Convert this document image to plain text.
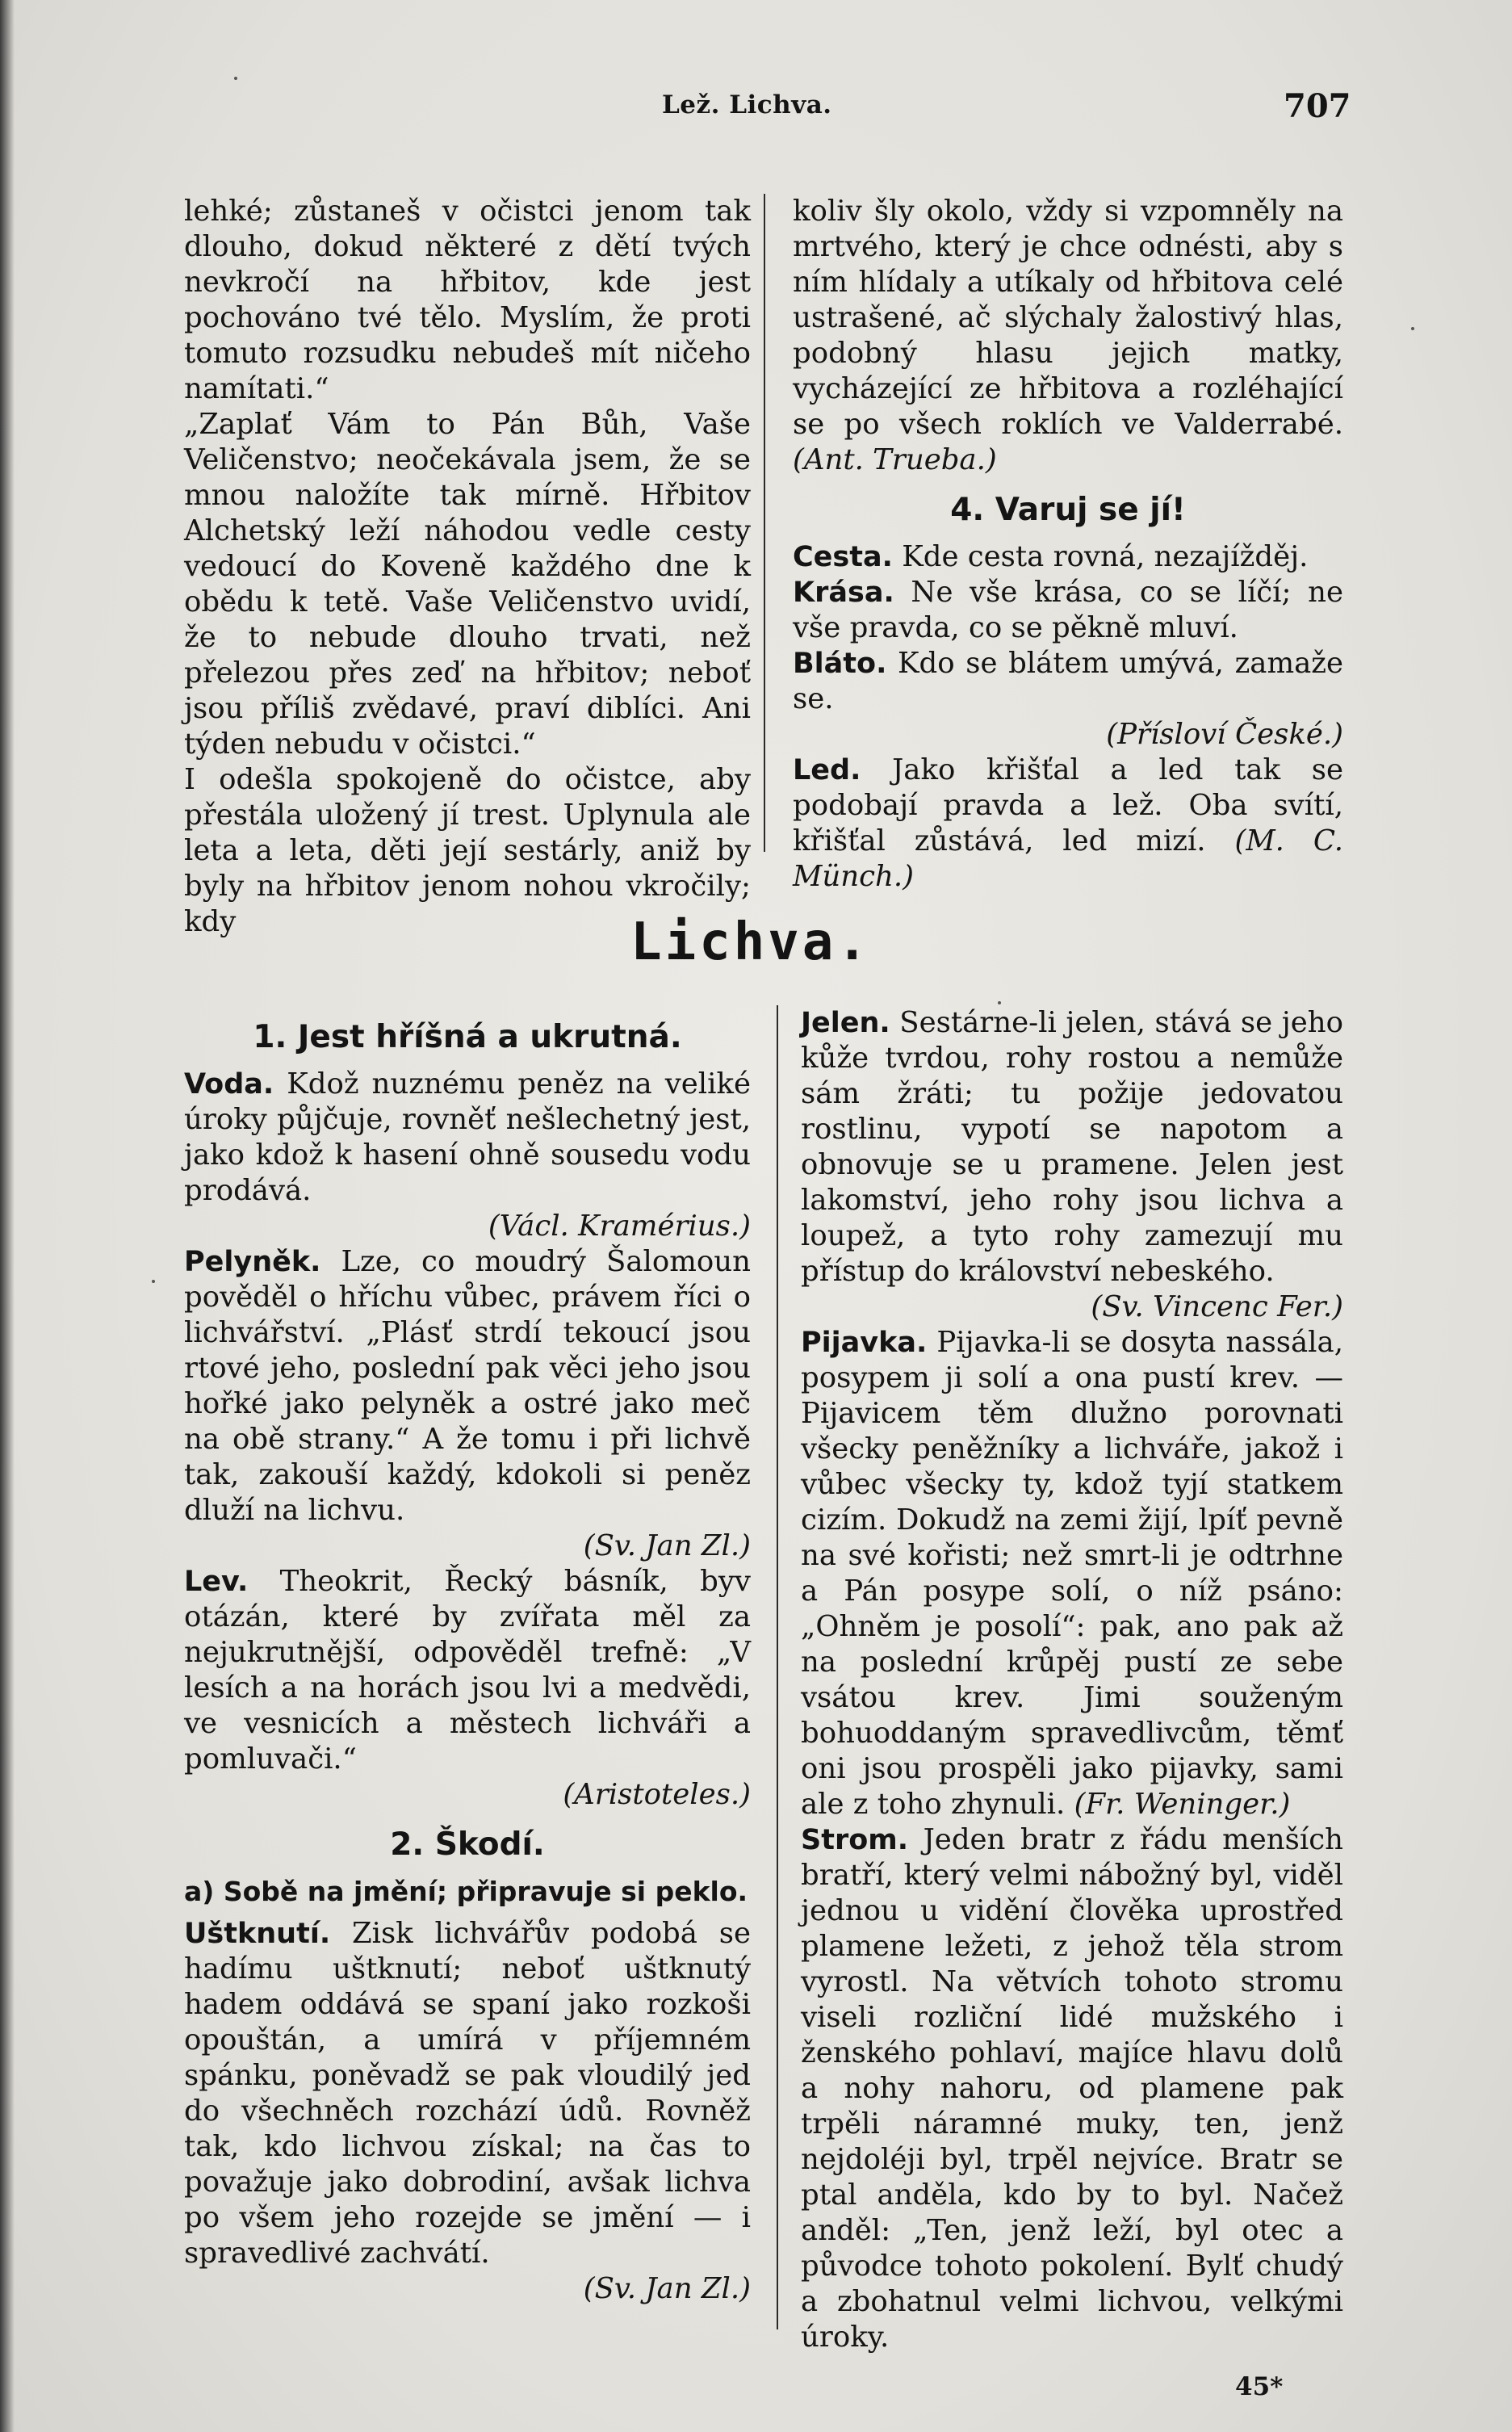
Lež. Lichva.	707

lehké; zůstaneš v očistci jenom tak dlouho, dokud některé z dětí tvých nevkročí na hřbitov, kde jest pochováno tvé tělo. Myslím, že proti tomuto rozsudku nebudeš mít ničeho namítati.“

„Zaplať Vám to Pán Bůh, Vaše Veličenstvo; neočekávala jsem, že se mnou naložíte tak mírně. Hřbitov Alchetský leží náhodou vedle cesty vedoucí do Koveně každého dne k obědu k tetě. Vaše Veličenstvo uvidí, že to nebude dlouho trvati, než přelezou přes zeď na hřbitov; neboť jsou příliš zvědavé, praví diblíci. Ani týden nebudu v očistci.“

I odešla spokojeně do očistce, aby přestála uložený jí trest. Uplynula ale leta a leta, děti její sestárly, aniž by byly na hřbitov jenom nohou vkročily; kdy

koliv šly okolo, vždy si vzpomněly na mrtvého, který je chce odnésti, aby s ním hlídaly a utíkaly od hřbitova celé ustrašené, ač slýchaly žalostivý hlas, podobný hlasu jejich matky, vycházející ze hřbitova a rozléhající se po všech roklích ve Valderrabé. (Ant. Trueba.)

4. Varuj se jí!

Cesta. Kde cesta rovná, nezajížděj.

Krása. Ne vše krása, co se líčí; ne vše pravda, co se pěkně mluví.

Bláto. Kdo se blátem umývá, zamaže se.

(Přísloví České.)

Led. Jako křišťal a led tak se podobají pravda a lež. Oba svítí, křišťal zůstává, led mizí. (M. C. Münch.)

Lichva.

1. Jest hříšná a ukrutná.

Voda. Kdož nuznému peněz na veliké úroky půjčuje, rovněť nešlechetný jest, jako kdož k hasení ohně sousedu vodu prodává.

(Václ. Kramérius.)

Pelyněk. Lze, co moudrý Šalomoun pověděl o hříchu vůbec, právem říci o lichvářství. „Plásť strdí tekoucí jsou rtové jeho, poslední pak věci jeho jsou hořké jako pelyněk a ostré jako meč na obě strany.“ A že tomu i při lichvě tak, zakouší každý, kdokoli si peněz dluží na lichvu.

(Sv. Jan Zl.)

Lev. Theokrit, Řecký básník, byv otázán, které by zvířata měl za nejukrutnější, odpověděl trefně: „V lesích a na horách jsou lvi a medvědi, ve vesnicích a městech lichváři a pomluvači.“

(Aristoteles.)

2. Škodí.

a) Sobě na jmění; připravuje si peklo.

Uštknutí. Zisk lichvářův podobá se hadímu uštknutí; neboť uštknutý hadem oddává se spaní jako rozkoši opouštán, a umírá v příjemném spánku, poněvadž se pak vloudilý jed do všechněch rozchází údů. Rovněž tak, kdo lichvou získal; na čas to považuje jako dobrodiní, avšak lichva po všem jeho rozejde se jmění — i spravedlivé zachvátí.

(Sv. Jan Zl.)

Jelen. Sestárne-li jelen, stává se jeho kůže tvrdou, rohy rostou a nemůže sám žráti; tu požije jedovatou rostlinu, vypotí se napotom a obnovuje se u pramene. Jelen jest lakomství, jeho rohy jsou lichva a loupež, a tyto rohy zamezují mu přístup do království nebeského.

(Sv. Vincenc Fer.)

Pijavka. Pijavka-li se dosyta nassála, posypem ji solí a ona pustí krev. — Pijavicem těm dlužno porovnati všecky peněžníky a lichváře, jakož i vůbec všecky ty, kdož tyjí statkem cizím. Dokudž na zemi žijí, lpíť pevně na své kořisti; než smrt-li je odtrhne a Pán posype solí, o níž psáno: „Ohněm je posolí“: pak, ano pak až na poslední krůpěj pustí ze sebe vsátou krev. Jimi souženým bohuoddaným spravedlivcům, těmť oni jsou prospěli jako pijavky, sami ale z toho zhynuli. (Fr. Weninger.)

Strom. Jeden bratr z řádu menších bratří, který velmi nábožný byl, viděl jednou u vidění člověka uprostřed plamene ležeti, z jehož těla strom vyrostl. Na větvích tohoto stromu viseli rozliční lidé mužského i ženského pohlaví, majíce hlavu dolů a nohy nahoru, od plamene pak trpěli náramné muky, ten, jenž nejdoléji byl, trpěl nejvíce. Bratr se ptal anděla, kdo by to byl. Načež anděl: „Ten, jenž leží, byl otec a původce tohoto pokolení. Bylť chudý a zbohatnul velmi lichvou, velkými úroky.

45*
